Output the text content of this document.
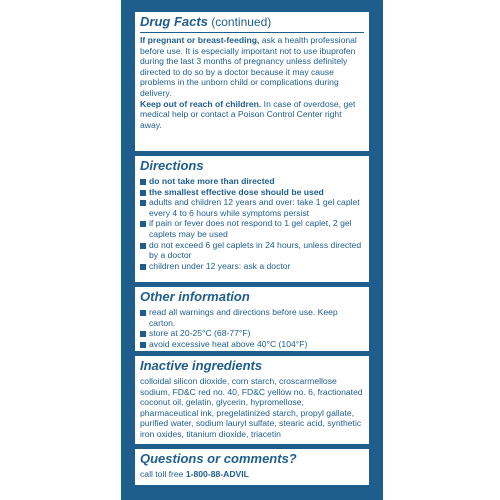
Drug Facts (continued)

If pregnant or breast-feeding, ask a health professional before use. It is especially important not to use ibuprofen during the last 3 months of pregnancy unless definitely directed to do so by a doctor because it may cause problems in the unborn child or complications during delivery.

Keep out of reach of children. In case of overdose, get medical help or contact a Poison Control Center right away.

Directions
do not take more than directed
the smallest effective dose should be used
adults and children 12 years and over: take 1 gel caplet every 4 to 6 hours while symptoms persist
if pain or fever does not respond to 1 gel caplet, 2 gel caplets may be used
do not exceed 6 gel caplets in 24 hours, unless directed by a doctor
children under 12 years: ask a doctor
Other information
read all warnings and directions before use. Keep carton.
store at 20-25°C (68-77°F)
avoid excessive heat above 40°C (104°F)
Inactive ingredients

colloidal silicon dioxide, corn starch, croscarmellose sodium, FD&C red no. 40, FD&C yellow no. 6, fractionated coconut oil, gelatin, glycerin, hypromellose, pharmaceutical ink, pregelatinized starch, propyl gallate, purified water, sodium lauryl sulfate, stearic acid, synthetic iron oxides, titanium dioxide, triacetin

Questions or comments?

call toll free 1-800-88-ADVIL
